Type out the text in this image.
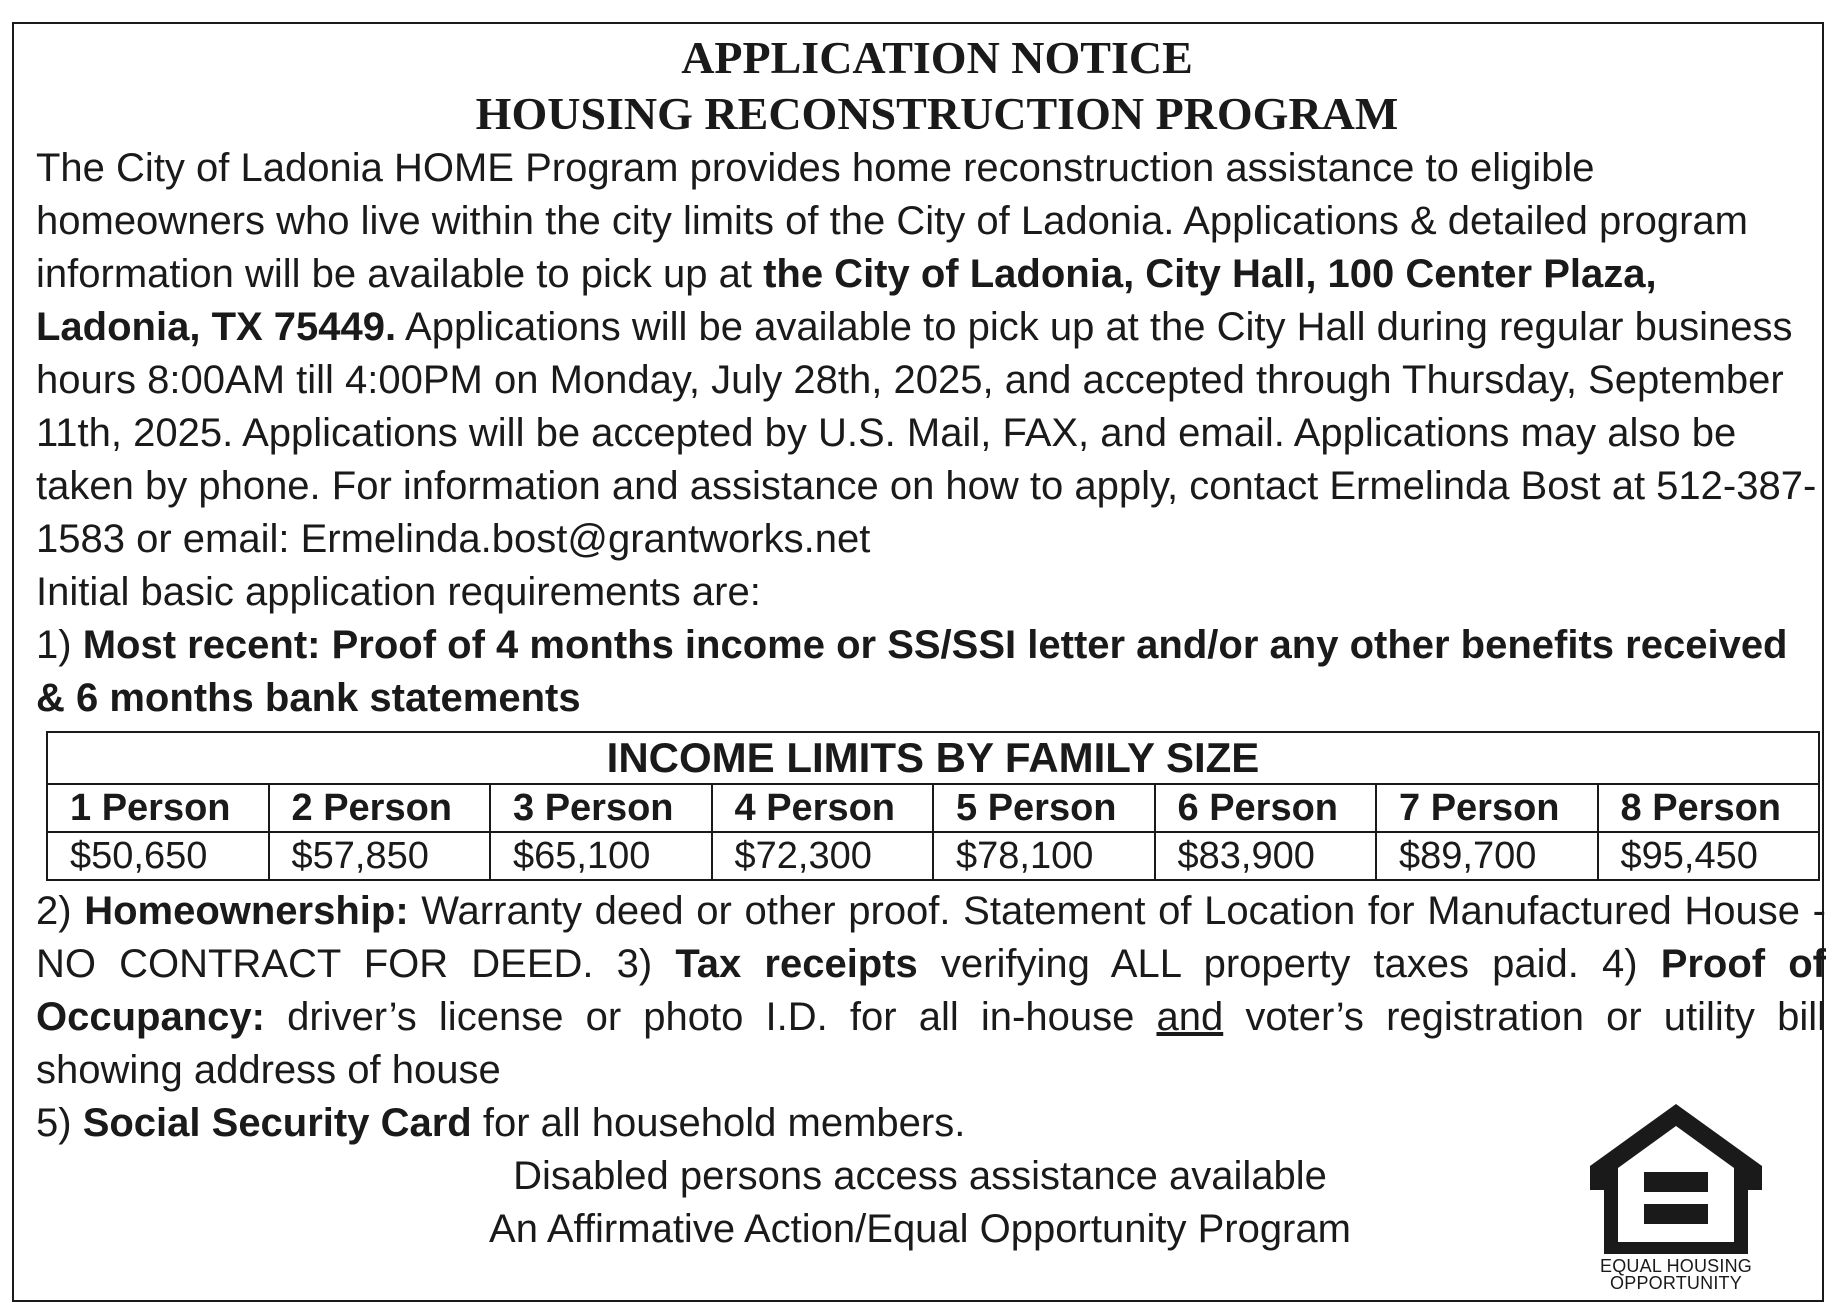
APPLICATION NOTICE
HOUSING RECONSTRUCTION PROGRAM

The City of Ladonia HOME Program provides home reconstruction assistance to eligible homeowners who live within the city limits of the City of Ladonia. Applications & detailed program information will be available to pick up at the City of Ladonia, City Hall, 100 Center Plaza, Ladonia, TX 75449. Applications will be available to pick up at the City Hall during regular business hours 8:00AM till 4:00PM on Monday, July 28th, 2025, and accepted through Thursday, September 11th, 2025. Applications will be accepted by U.S. Mail, FAX, and email. Applications may also be taken by phone. For information and assistance on how to apply, contact Ermelinda Bost at 512-387-1583 or email: Ermelinda.bost@grantworks.net

Initial basic application requirements are:

1) Most recent: Proof of 4 months income or SS/SSI letter and/or any other benefits received & 6 months bank statements

INCOME LIMITS BY FAMILY SIZE							
1 Person	2 Person	3 Person	4 Person	5 Person	6 Person	7 Person	8 Person
$50,650	$57,850	$65,100	$72,300	$78,100	$83,900	$89,700	$95,450

2) Homeownership: Warranty deed or other proof. Statement of Location for Manufactured House - NO CONTRACT FOR DEED. 3) Tax receipts verifying ALL property taxes paid. 4) Proof of Occupancy: driver’s license or photo I.D. for all in-house and voter’s registration or utility bill showing address of house

5) Social Security Card for all household members.

Disabled persons access assistance available

An Affirmative Action/Equal Opportunity Program

EQUAL HOUSING
OPPORTUNITY
